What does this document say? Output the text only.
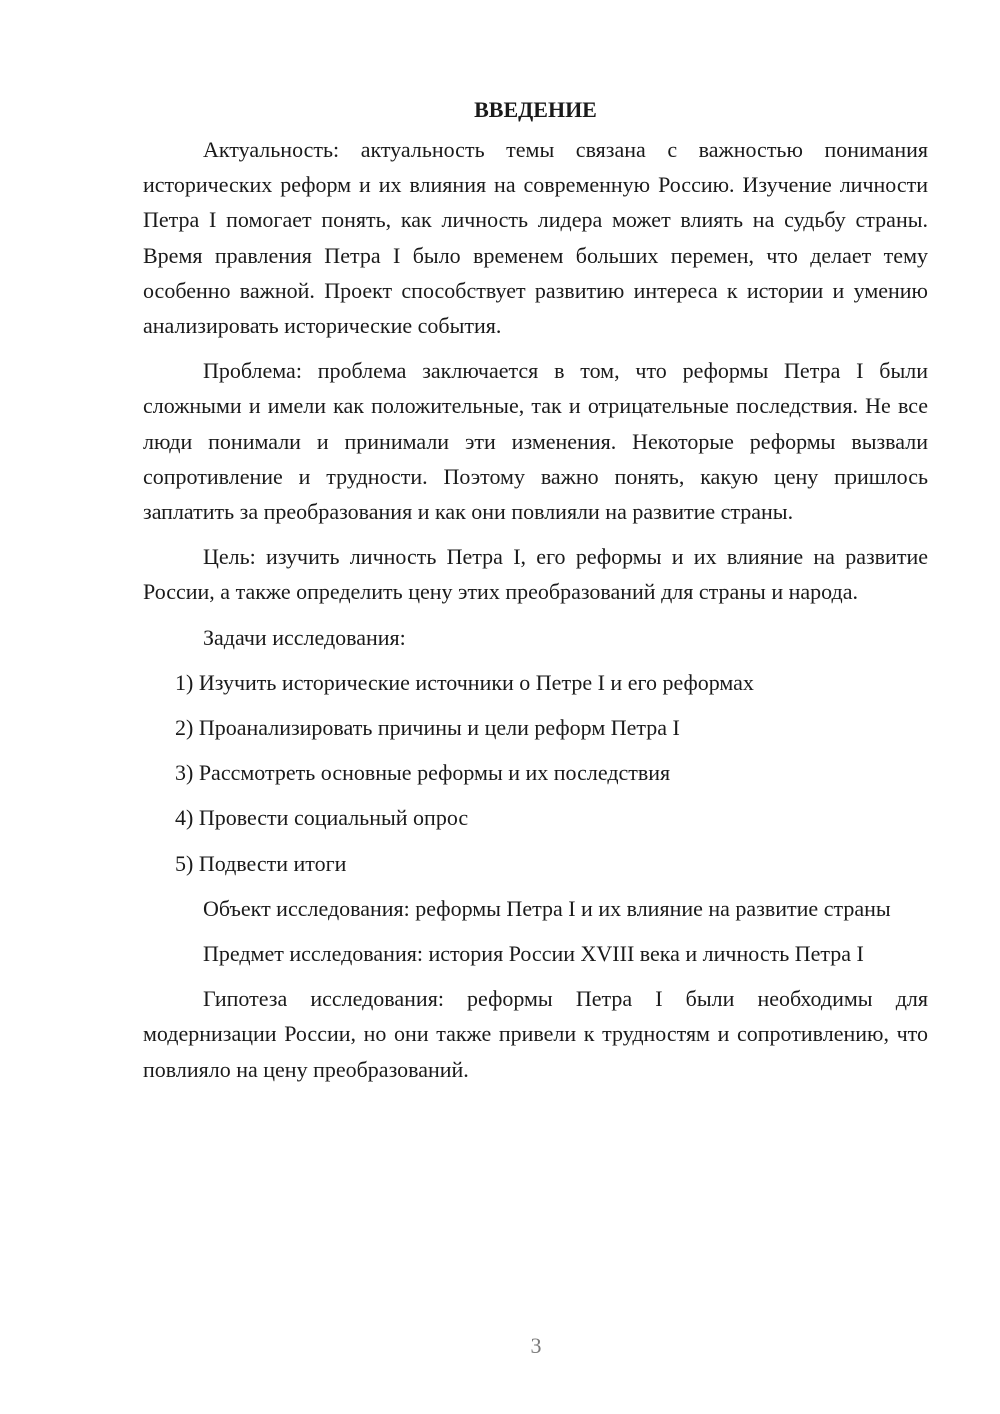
ВВЕДЕНИЕ

Актуальность: актуальность темы связана с важностью понимания исторических реформ и их влияния на современную Россию. Изучение личности Петра I помогает понять, как личность лидера может влиять на судьбу страны. Время правления Петра I было временем больших перемен, что делает тему особенно важной. Проект способствует развитию интереса к истории и умению анализировать исторические события.

Проблема: проблема заключается в том, что реформы Петра I были сложными и имели как положительные, так и отрицательные последствия. Не все люди понимали и принимали эти изменения. Некоторые реформы вызвали сопротивление и трудности. Поэтому важно понять, какую цену пришлось заплатить за преобразования и как они повлияли на развитие страны.

Цель: изучить личность Петра I, его реформы и их влияние на развитие России, а также определить цену этих преобразований для страны и народа.

Задачи исследования:
1) Изучить исторические источники о Петре I и его реформах
2) Проанализировать причины и цели реформ Петра I
3) Рассмотреть основные реформы и их последствия
4) Провести социальный опрос
5) Подвести итоги

Объект исследования: реформы Петра I и их влияние на развитие страны

Предмет исследования: история России XVIII века и личность Петра I

Гипотеза исследования: реформы Петра I были необходимы для модернизации России, но они также привели к трудностям и сопротивлению, что повлияло на цену преобразований.

3
